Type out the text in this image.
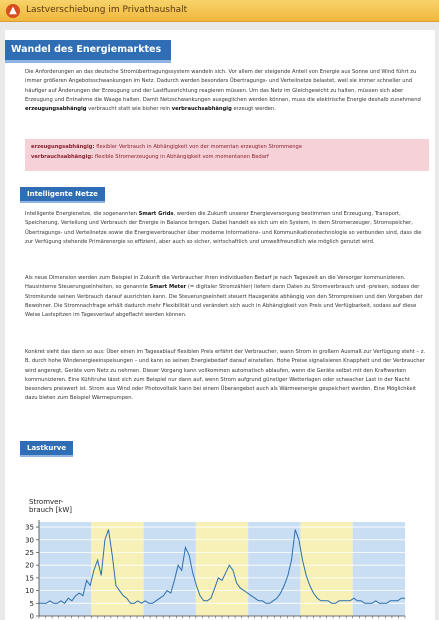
▲	Lastverschiebung im Privathaushalt
Wandel des Energiemarktes

Die Anforderungen an das deutsche Stromübertragungssystem wandeln sich. Vor allem der steigende Anteil von Energie aus Sonne und Wind führt zu immer größeren Angebotsschwankungen im Netz. Dadurch werden besonders Übertragungs- und Verteilnetze belastet, weil sie immer schneller und häufiger auf Änderungen der Erzeugung und der Lastflussrichtung reagieren müssen. Um das Netz im Gleichgewicht zu halten, müssen sich aber Erzeugung und Entnahme die Waage halten. Damit Netzschwankungen ausgeglichen werden können, muss die elektrische Energie deshalb zunehmend erzeugungsabhängig verbraucht statt wie bisher rein verbrauchsabhängig erzeugt werden.

erzeugungsabhängig: flexibler Verbrauch in Abhängigkeit von der momentan erzeugten Strommenge
verbrauchsabhängig: flexible Stromerzeugung in Abhängigkeit vom momentanen Bedarf
Intelligente Netze

Intelligente Energienetze, die sogenannten Smart Grids, werden die Zukunft unserer Energieversorgung bestimmen und Erzeugung, Transport, Speicherung, Verteilung und Verbrauch der Energie in Balance bringen. Dabei handelt es sich um ein System, in dem Stromerzeuger, Stromspeicher, Übertragungs- und Verteilnetze sowie die Energieverbraucher über moderne Informations- und Kommunikationstechnologie so verbunden sind, dass die zur Verfügung stehende Primärenergie so effizient, aber auch so sicher, wirtschaftlich und umweltfreundlich wie möglich genutzt wird.

Als neue Dimension werden zum Beispiel in Zukunft die Verbraucher ihren individuellen Bedarf je nach Tageszeit an die Versorger kommunizieren. Hausinterne Steuerungseinheiten, so genannte Smart Meter (= digitaler Stromzähler) liefern dann Daten zu Stromverbrauch und -preisen, sodass der Stromkunde seinen Verbrauch darauf ausrichten kann. Die Steuerungseinheit steuert Hausgeräte abhängig von den Strompreisen und den Vorgaben der Bewohner. Die Stromnachfrage erhält dadurch mehr Flexibilität und verändert sich auch in Abhängigkeit von Preis und Verfügbarkeit, sodass auf diese Weise Lastspitzen im Tagesverlauf abgeflacht werden können.

Konkret sieht das dann so aus: Über einen im Tagesablauf flexiblen Preis erfährt der Verbraucher, wann Strom in großem Ausmaß zur Verfügung steht – z. B. durch hohe Windenergieeinspeisungen – und kann so seinen Energiebedarf darauf einstellen. Hohe Preise signalisieren Knappheit und der Verbraucher wird angeregt, Geräte vom Netz zu nehmen. Dieser Vorgang kann vollkommen automatisch ablaufen, wenn die Geräte selbst mit den Kraftwerken kommunizieren. Eine Kühltruhe lässt sich zum Beispiel nur dann auf, wenn Strom aufgrund günstiger Wetterlagen oder schwacher Last in der Nacht besonders preiswert ist. Strom aus Wind oder Photovoltaik kann bei einem Überangebot auch als Wärmeenergie gespeichert werden. Eine Möglichkeit dazu bieten zum Beispiel Wärmepumpen.

Lastkurve
0
5
10
15
20
25
30
35
Stromver-
brauch [kW]
